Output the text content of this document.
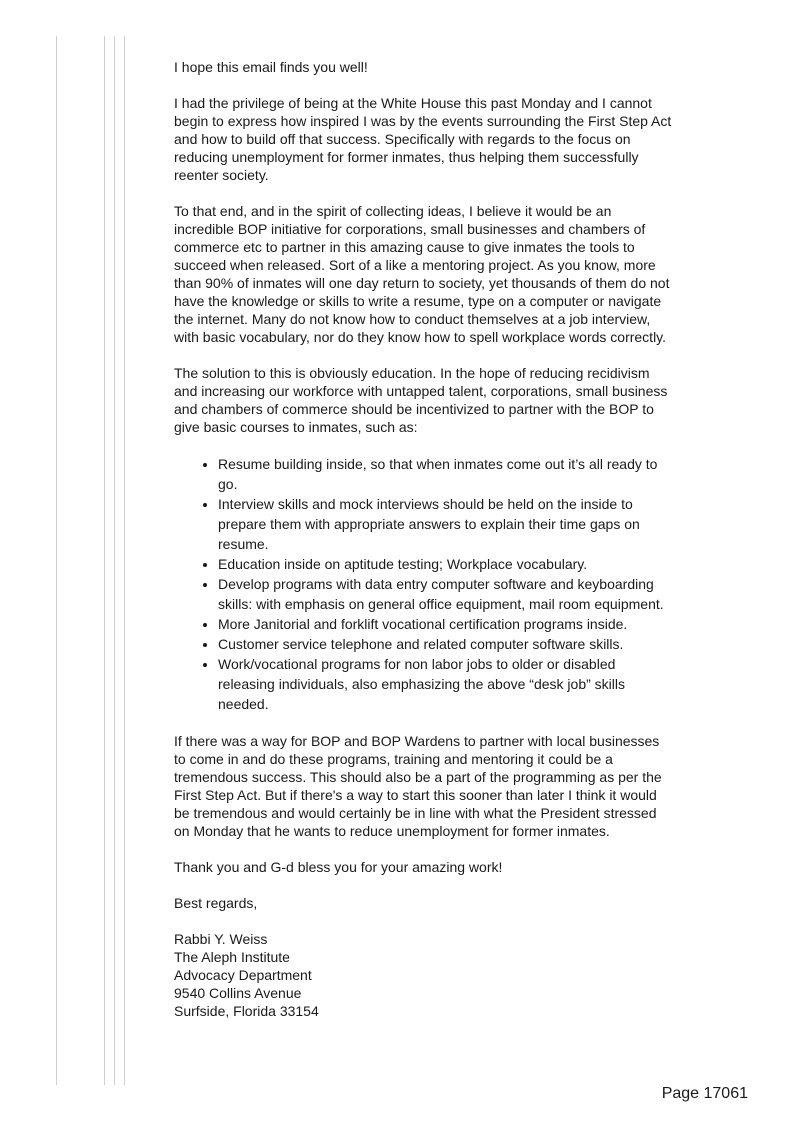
I hope this email finds you well!

I had the privilege of being at the White House this past Monday and I cannot begin to express how inspired I was by the events surrounding the First Step Act and how to build off that success. Specifically with regards to the focus on reducing unemployment for former inmates, thus helping them successfully reenter society.

To that end, and in the spirit of collecting ideas, I believe it would be an incredible BOP initiative for corporations, small businesses and chambers of commerce etc to partner in this amazing cause to give inmates the tools to succeed when released. Sort of a like a mentoring project. As you know, more than 90% of inmates will one day return to society, yet thousands of them do not have the knowledge or skills to write a resume, type on a computer or navigate the internet. Many do not know how to conduct themselves at a job interview, with basic vocabulary, nor do they know how to spell workplace words correctly.

The solution to this is obviously education. In the hope of reducing recidivism and increasing our workforce with untapped talent, corporations, small business and chambers of commerce should be incentivized to partner with the BOP to give basic courses to inmates, such as:

• Resume building inside, so that when inmates come out it’s all ready to go.
• Interview skills and mock interviews should be held on the inside to prepare them with appropriate answers to explain their time gaps on resume.
• Education inside on aptitude testing; Workplace vocabulary.
• Develop programs with data entry computer software and keyboarding skills: with emphasis on general office equipment, mail room equipment.
• More Janitorial and forklift vocational certification programs inside.
• Customer service telephone and related computer software skills.
• Work/vocational programs for non labor jobs to older or disabled releasing individuals, also emphasizing the above “desk job” skills needed.

If there was a way for BOP and BOP Wardens to partner with local businesses to come in and do these programs, training and mentoring it could be a tremendous success. This should also be a part of the programming as per the First Step Act. But if there's a way to start this sooner than later I think it would be tremendous and would certainly be in line with what the President stressed on Monday that he wants to reduce unemployment for former inmates.

Thank you and G-d bless you for your amazing work!

Best regards,

Rabbi Y. Weiss
The Aleph Institute
Advocacy Department
9540 Collins Avenue
Surfside, Florida 33154
Page 17061
